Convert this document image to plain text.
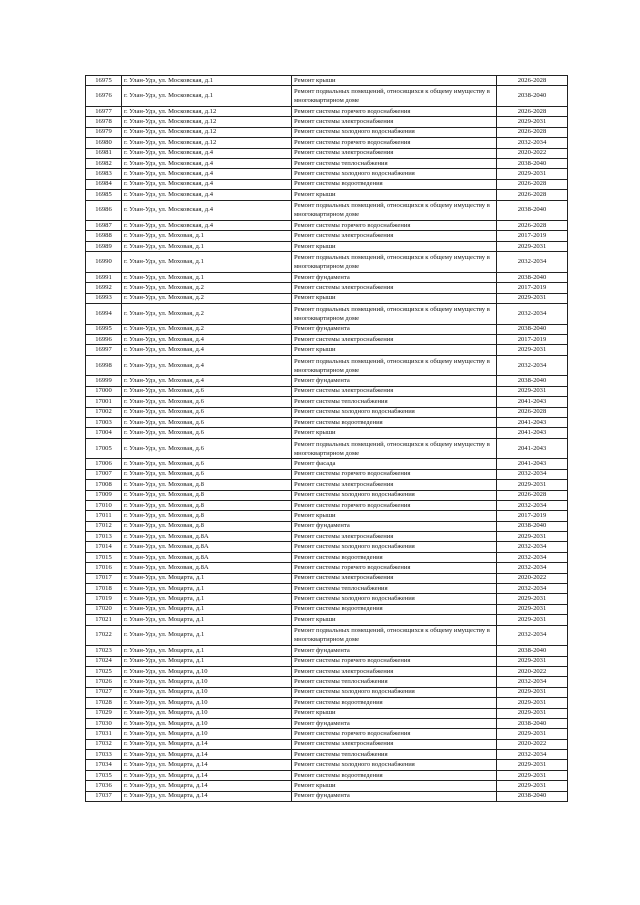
16975	г. Улан-Удэ, ул. Московская, д.1	Ремонт крыши	2026-2028
16976	г. Улан-Удэ, ул. Московская, д.1	Ремонт подвальных помещений, относящихся к общему имуществу в многоквартирном доме	2038-2040
16977	г. Улан-Удэ, ул. Московская, д.12	Ремонт системы горячего водоснабжения	2026-2028
16978	г. Улан-Удэ, ул. Московская, д.12	Ремонт системы электроснабжения	2029-2031
16979	г. Улан-Удэ, ул. Московская, д.12	Ремонт системы холодного водоснабжения	2026-2028
16980	г. Улан-Удэ, ул. Московская, д.12	Ремонт системы горячего водоснабжения	2032-2034
16981	г. Улан-Удэ, ул. Московская, д.4	Ремонт системы электроснабжения	2020-2022
16982	г. Улан-Удэ, ул. Московская, д.4	Ремонт системы теплоснабжения	2038-2040
16983	г. Улан-Удэ, ул. Московская, д.4	Ремонт системы холодного водоснабжения	2029-2031
16984	г. Улан-Удэ, ул. Московская, д.4	Ремонт системы водоотведения	2026-2028
16985	г. Улан-Удэ, ул. Московская, д.4	Ремонт крыши	2026-2028
16986	г. Улан-Удэ, ул. Московская, д.4	Ремонт подвальных помещений, относящихся к общему имуществу в многоквартирном доме	2038-2040
16987	г. Улан-Удэ, ул. Московская, д.4	Ремонт системы горячего водоснабжения	2026-2028
16988	г. Улан-Удэ, ул. Моховая, д.1	Ремонт системы электроснабжения	2017-2019
16989	г. Улан-Удэ, ул. Моховая, д.1	Ремонт крыши	2029-2031
16990	г. Улан-Удэ, ул. Моховая, д.1	Ремонт подвальных помещений, относящихся к общему имуществу в многоквартирном доме	2032-2034
16991	г. Улан-Удэ, ул. Моховая, д.1	Ремонт фундамента	2038-2040
16992	г. Улан-Удэ, ул. Моховая, д.2	Ремонт системы электроснабжения	2017-2019
16993	г. Улан-Удэ, ул. Моховая, д.2	Ремонт крыши	2029-2031
16994	г. Улан-Удэ, ул. Моховая, д.2	Ремонт подвальных помещений, относящихся к общему имуществу в многоквартирном доме	2032-2034
16995	г. Улан-Удэ, ул. Моховая, д.2	Ремонт фундамента	2038-2040
16996	г. Улан-Удэ, ул. Моховая, д.4	Ремонт системы электроснабжения	2017-2019
16997	г. Улан-Удэ, ул. Моховая, д.4	Ремонт крыши	2029-2031
16998	г. Улан-Удэ, ул. Моховая, д.4	Ремонт подвальных помещений, относящихся к общему имуществу в многоквартирном доме	2032-2034
16999	г. Улан-Удэ, ул. Моховая, д.4	Ремонт фундамента	2038-2040
17000	г. Улан-Удэ, ул. Моховая, д.6	Ремонт системы электроснабжения	2029-2031
17001	г. Улан-Удэ, ул. Моховая, д.6	Ремонт системы теплоснабжения	2041-2043
17002	г. Улан-Удэ, ул. Моховая, д.6	Ремонт системы холодного водоснабжения	2026-2028
17003	г. Улан-Удэ, ул. Моховая, д.6	Ремонт системы водоотведения	2041-2043
17004	г. Улан-Удэ, ул. Моховая, д.6	Ремонт крыши	2041-2043
17005	г. Улан-Удэ, ул. Моховая, д.6	Ремонт подвальных помещений, относящихся к общему имуществу в многоквартирном доме	2041-2043
17006	г. Улан-Удэ, ул. Моховая, д.6	Ремонт фасада	2041-2043
17007	г. Улан-Удэ, ул. Моховая, д.6	Ремонт системы горячего водоснабжения	2032-2034
17008	г. Улан-Удэ, ул. Моховая, д.8	Ремонт системы электроснабжения	2029-2031
17009	г. Улан-Удэ, ул. Моховая, д.8	Ремонт системы холодного водоснабжения	2026-2028
17010	г. Улан-Удэ, ул. Моховая, д.8	Ремонт системы горячего водоснабжения	2032-2034
17011	г. Улан-Удэ, ул. Моховая, д.8	Ремонт крыши	2017-2019
17012	г. Улан-Удэ, ул. Моховая, д.8	Ремонт фундамента	2038-2040
17013	г. Улан-Удэ, ул. Моховая, д.8А	Ремонт системы электроснабжения	2029-2031
17014	г. Улан-Удэ, ул. Моховая, д.8А	Ремонт системы холодного водоснабжения	2032-2034
17015	г. Улан-Удэ, ул. Моховая, д.8А	Ремонт системы водоотведения	2032-2034
17016	г. Улан-Удэ, ул. Моховая, д.8А	Ремонт системы горячего водоснабжения	2032-2034
17017	г. Улан-Удэ, ул. Моцарта, д.1	Ремонт системы электроснабжения	2020-2022
17018	г. Улан-Удэ, ул. Моцарта, д.1	Ремонт системы теплоснабжения	2032-2034
17019	г. Улан-Удэ, ул. Моцарта, д.1	Ремонт системы холодного водоснабжения	2029-2031
17020	г. Улан-Удэ, ул. Моцарта, д.1	Ремонт системы водоотведения	2029-2031
17021	г. Улан-Удэ, ул. Моцарта, д.1	Ремонт крыши	2029-2031
17022	г. Улан-Удэ, ул. Моцарта, д.1	Ремонт подвальных помещений, относящихся к общему имуществу в многоквартирном доме	2032-2034
17023	г. Улан-Удэ, ул. Моцарта, д.1	Ремонт фундамента	2038-2040
17024	г. Улан-Удэ, ул. Моцарта, д.1	Ремонт системы горячего водоснабжения	2029-2031
17025	г. Улан-Удэ, ул. Моцарта, д.10	Ремонт системы электроснабжения	2020-2022
17026	г. Улан-Удэ, ул. Моцарта, д.10	Ремонт системы теплоснабжения	2032-2034
17027	г. Улан-Удэ, ул. Моцарта, д.10	Ремонт системы холодного водоснабжения	2029-2031
17028	г. Улан-Удэ, ул. Моцарта, д.10	Ремонт системы водоотведения	2029-2031
17029	г. Улан-Удэ, ул. Моцарта, д.10	Ремонт крыши	2029-2031
17030	г. Улан-Удэ, ул. Моцарта, д.10	Ремонт фундамента	2038-2040
17031	г. Улан-Удэ, ул. Моцарта, д.10	Ремонт системы горячего водоснабжения	2029-2031
17032	г. Улан-Удэ, ул. Моцарта, д.14	Ремонт системы электроснабжения	2020-2022
17033	г. Улан-Удэ, ул. Моцарта, д.14	Ремонт системы теплоснабжения	2032-2034
17034	г. Улан-Удэ, ул. Моцарта, д.14	Ремонт системы холодного водоснабжения	2029-2031
17035	г. Улан-Удэ, ул. Моцарта, д.14	Ремонт системы водоотведения	2029-2031
17036	г. Улан-Удэ, ул. Моцарта, д.14	Ремонт крыши	2029-2031
17037	г. Улан-Удэ, ул. Моцарта, д.14	Ремонт фундамента	2038-2040
